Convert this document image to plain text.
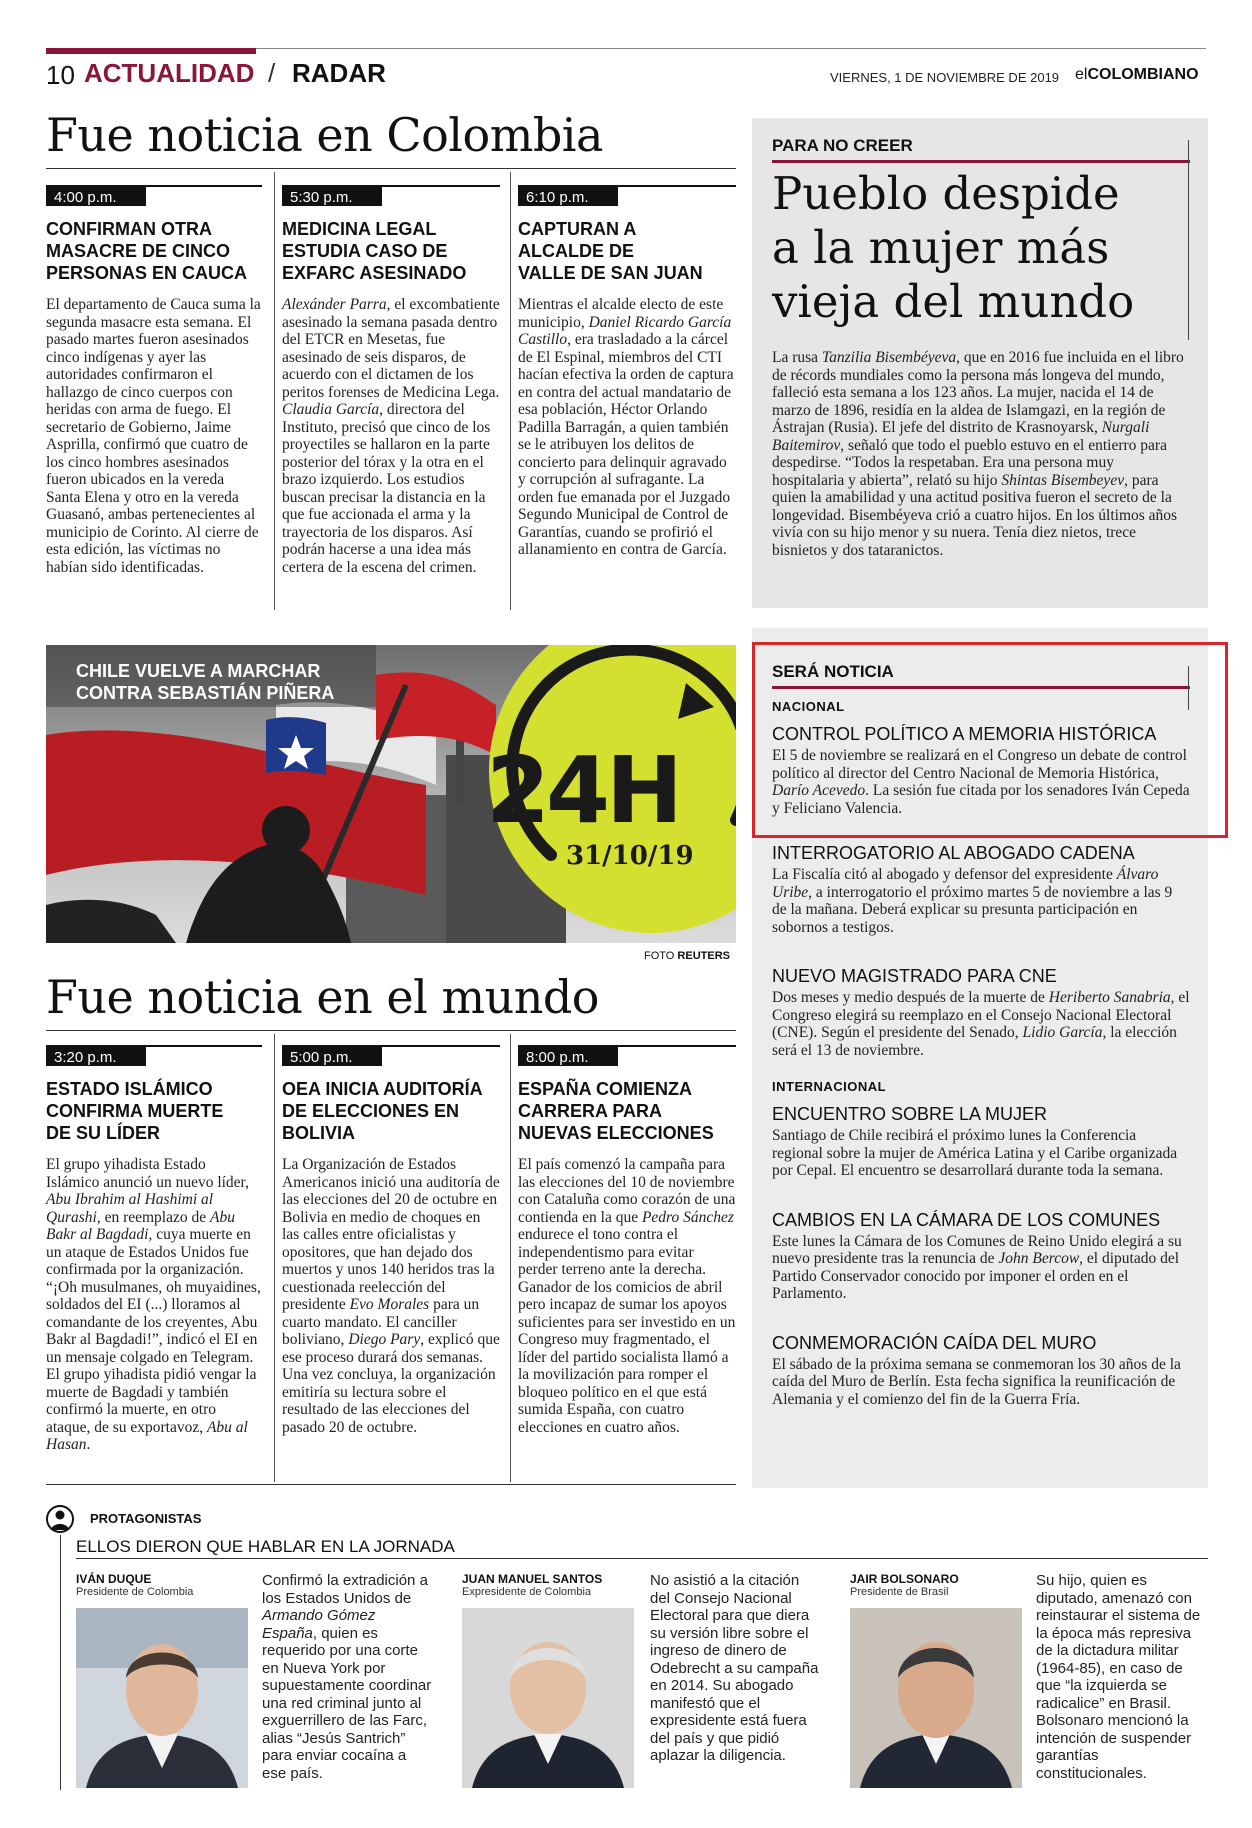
10 ACTUALIDAD / RADAR	VIERNES, 1 DE NOVIEMBRE DE 2019 elCOLOMBIANO
Fue noticia en Colombia
4:00 p.m.
CONFIRMAN OTRA
MASACRE DE CINCO
PERSONAS EN CAUCA
El departamento de Cauca suma la segunda masacre esta semana. El pasado martes fueron asesinados cinco indígenas y ayer las autoridades confirmaron el hallazgo de cinco cuerpos con heridas con arma de fuego. El secretario de Gobierno, Jaime Asprilla, confirmó que cuatro de los cinco hombres asesinados fueron ubicados en la vereda Santa Elena y otro en la vereda Guasanó, ambas pertenecientes al municipio de Corinto. Al cierre de esta edición, las víctimas no habían sido identificadas.
5:30 p.m.
MEDICINA LEGAL
ESTUDIA CASO DE
EXFARC ASESINADO
Alexánder Parra, el excombatiente asesinado la semana pasada dentro del ETCR en Mesetas, fue asesinado de seis disparos, de acuerdo con el dictamen de los peritos forenses de Medicina Lega. Claudia García, directora del Instituto, precisó que cinco de los proyectiles se hallaron en la parte posterior del tórax y la otra en el brazo izquierdo. Los estudios buscan precisar la distancia en la que fue accionada el arma y la trayectoria de los disparos. Así podrán hacerse a una idea más certera de la escena del crimen.
6:10 p.m.
CAPTURAN A
ALCALDE DE
VALLE DE SAN JUAN
Mientras el alcalde electo de este municipio, Daniel Ricardo García Castillo, era trasladado a la cárcel de El Espinal, miembros del CTI hacían efectiva la orden de captura en contra del actual mandatario de esa población, Héctor Orlando Padilla Barragán, a quien también se le atribuyen los delitos de concierto para delinquir agravado y corrupción al sufragante. La orden fue emanada por el Juzgado Segundo Municipal de Control de Garantías, cuando se profirió el allanamiento en contra de García.
PARA NO CREER
Pueblo despide
a la mujer más
vieja del mundo
La rusa Tanzilia Bisembéyeva, que en 2016 fue incluida en el libro de récords mundiales como la persona más longeva del mundo, falleció esta semana a los 123 años. La mujer, nacida el 14 de marzo de 1896, residía en la aldea de Islamgazi, en la región de Ástrajan (Rusia). El jefe del distrito de Krasnoyarsk, Nurgali Baitemirov, señaló que todo el pueblo estuvo en el entierro para despedirse. “Todos la respetaban. Era una persona muy hospitalaria y abierta”, relató su hijo Shintas Bisembeyev, para quien la amabilidad y una actitud positiva fueron el secreto de la longevidad. Bisembéyeva crió a cuatro hijos. En los últimos años vivía con su hijo menor y su nuera. Tenía diez nietos, trece bisnietos y dos tataranictos.
SERÁ NOTICIA
NACIONAL
CONTROL POLÍTICO A MEMORIA HISTÓRICA
El 5 de noviembre se realizará en el Congreso un debate de control político al director del Centro Nacional de Memoria Histórica, Darío Acevedo. La sesión fue citada por los senadores Iván Cepeda y Feliciano Valencia.
INTERROGATORIO AL ABOGADO CADENA
La Fiscalía citó al abogado y defensor del expresidente Álvaro Uribe, a interrogatorio el próximo martes 5 de noviembre a las 9 de la mañana. Deberá explicar su presunta participación en sobornos a testigos.
NUEVO MAGISTRADO PARA CNE
Dos meses y medio después de la muerte de Heriberto Sanabria, el Congreso elegirá su reemplazo en el Consejo Nacional Electoral (CNE). Según el presidente del Senado, Lidio García, la elección será el 13 de noviembre.
INTERNACIONAL
ENCUENTRO SOBRE LA MUJER
Santiago de Chile recibirá el próximo lunes la Conferencia regional sobre la mujer de América Latina y el Caribe organizada por Cepal. El encuentro se desarrollará durante toda la semana.
CAMBIOS EN LA CÁMARA DE LOS COMUNES
Este lunes la Cámara de los Comunes de Reino Unido elegirá a su nuevo presidente tras la renuncia de John Bercow, el diputado del Partido Conservador conocido por imponer el orden en el Parlamento.
CONMEMORACIÓN CAÍDA DEL MURO
El sábado de la próxima semana se conmemoran los 30 años de la caída del Muro de Berlín. Esta fecha significa la reunificación de Alemania y el comienzo del fin de la Guerra Fría.
24H
31/10/19
CHILE VUELVE A MARCHAR
CONTRA SEBASTIÁN PIÑERA
FOTO REUTERS
Fue noticia en el mundo
3:20 p.m.
ESTADO ISLÁMICO
CONFIRMA MUERTE
DE SU LÍDER
El grupo yihadista Estado Islámico anunció un nuevo líder, Abu Ibrahim al Hashimi al Qurashi, en reemplazo de Abu Bakr al Bagdadi, cuya muerte en un ataque de Estados Unidos fue confirmada por la organización. “¡Oh musulmanes, oh muyaidines, soldados del EI (...) lloramos al comandante de los creyentes, Abu Bakr al Bagdadi!”, indicó el EI en un mensaje colgado en Telegram. El grupo yihadista pidió vengar la muerte de Bagdadi y también confirmó la muerte, en otro ataque, de su exportavoz, Abu al Hasan.
5:00 p.m.
OEA INICIA AUDITORÍA
DE ELECCIONES EN
BOLIVIA
La Organización de Estados Americanos inició una auditoría de las elecciones del 20 de octubre en Bolivia en medio de choques en las calles entre oficialistas y opositores, que han dejado dos muertos y unos 140 heridos tras la cuestionada reelección del presidente Evo Morales para un cuarto mandato. El canciller boliviano, Diego Pary, explicó que ese proceso durará dos semanas. Una vez concluya, la organización emitiría su lectura sobre el resultado de las elecciones del pasado 20 de octubre.
8:00 p.m.
ESPAÑA COMIENZA
CARRERA PARA
NUEVAS ELECCIONES
El país comenzó la campaña para las elecciones del 10 de noviembre con Cataluña como corazón de una contienda en la que Pedro Sánchez endurece el tono contra el independentismo para evitar perder terreno ante la derecha. Ganador de los comicios de abril pero incapaz de sumar los apoyos suficientes para ser investido en un Congreso muy fragmentado, el líder del partido socialista llamó a la movilización para romper el bloqueo político en el que está sumida España, con cuatro elecciones en cuatro años.
PROTAGONISTAS
ELLOS DIERON QUE HABLAR EN LA JORNADA
IVÁN DUQUE
Presidente de Colombia
Confirmó la extradición a los Estados Unidos de Armando Gómez España, quien es requerido por una corte en Nueva York por supuestamente coordinar una red criminal junto al exguerrillero de las Farc, alias “Jesús Santrich” para enviar cocaína a ese país.
JUAN MANUEL SANTOS
Expresidente de Colombia
No asistió a la citación del Consejo Nacional Electoral para que diera su versión libre sobre el ingreso de dinero de Odebrecht a su campaña en 2014. Su abogado manifestó que el expresidente está fuera del país y que pidió aplazar la diligencia.
JAIR BOLSONARO
Presidente de Brasil
Su hijo, quien es diputado, amenazó con reinstaurar el sistema de la época más represiva de la dictadura militar (1964-85), en caso de que “la izquierda se radicalice” en Brasil. Bolsonaro mencionó la intención de suspender garantías constitucionales.
